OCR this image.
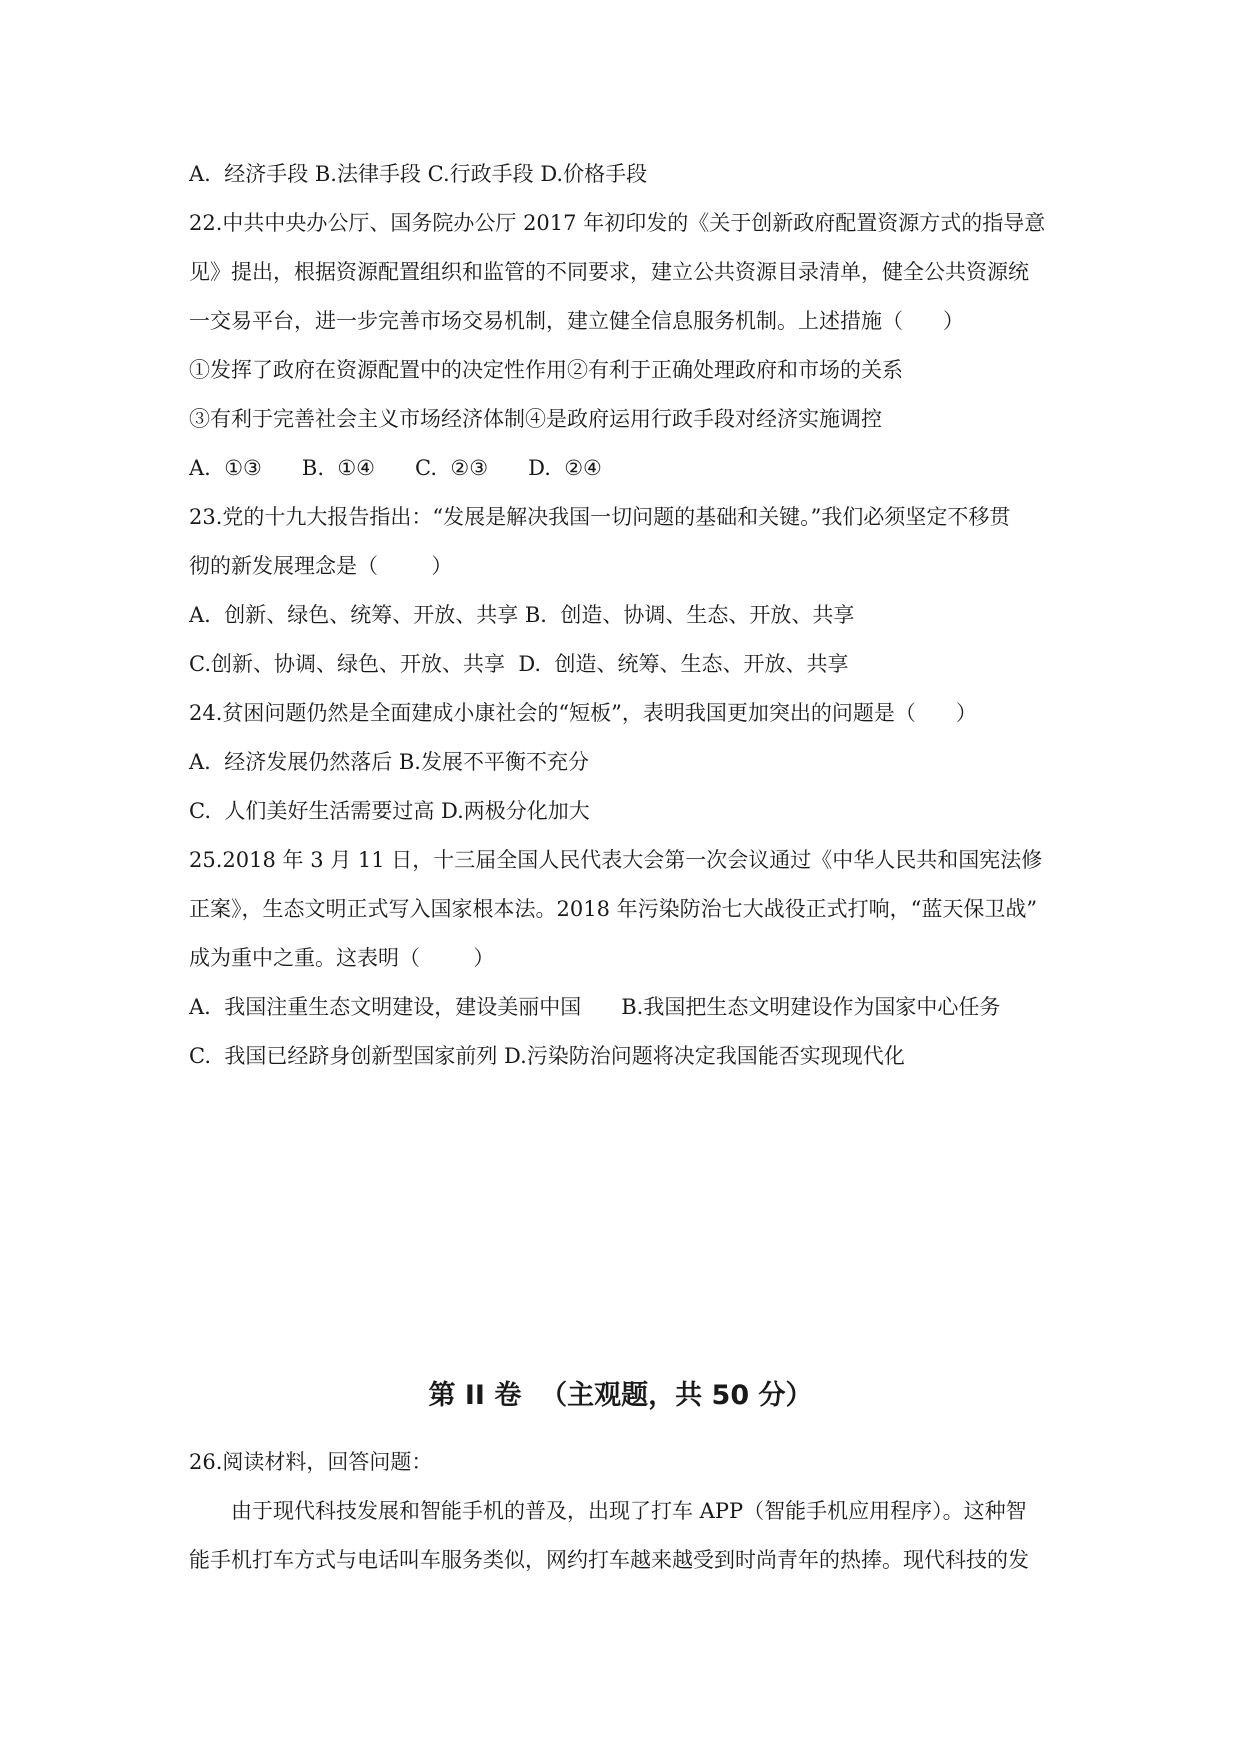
A.  经济手段 B.法律手段 C.行政手段 D.价格手段
22.中共中央办公厅、国务院办公厅 2017 年初印发的《关于创新政府配置资源方式的指导意
见》提出，根据资源配置组织和监管的不同要求，建立公共资源目录清单，健全公共资源统
一交易平台，进一步完善市场交易机制，建立健全信息服务机制。上述措施（      ）
①发挥了政府在资源配置中的决定性作用②有利于正确处理政府和市场的关系
③有利于完善社会主义市场经济体制④是政府运用行政手段对经济实施调控
A.  ①③      B.  ①④      C.  ②③      D.  ②④
23.党的十九大报告指出：“发展是解决我国一切问题的基础和关键。”我们必须坚定不移贯
彻的新发展理念是（        ）
A.  创新、绿色、统筹、开放、共享 B.  创造、协调、生态、开放、共享
C.创新、协调、绿色、开放、共享  D.  创造、统筹、生态、开放、共享
24.贫困问题仍然是全面建成小康社会的“短板”，表明我国更加突出的问题是（      ）
A.  经济发展仍然落后 B.发展不平衡不充分
C.  人们美好生活需要过高 D.两极分化加大
25.2018 年 3 月 11 日，十三届全国人民代表大会第一次会议通过《中华人民共和国宪法修
正案》，生态文明正式写入国家根本法。2018 年污染防治七大战役正式打响，“蓝天保卫战”
成为重中之重。这表明（        ）
A.  我国注重生态文明建设，建设美丽中国      B.我国把生态文明建设作为国家中心任务
C.  我国已经跻身创新型国家前列 D.污染防治问题将决定我国能否实现现代化
第 II 卷  （主观题，共 50 分）
26.阅读材料，回答问题：
由于现代科技发展和智能手机的普及，出现了打车 APP（智能手机应用程序）。这种智
能手机打车方式与电话叫车服务类似，网约打车越来越受到时尚青年的热捧。现代科技的发
